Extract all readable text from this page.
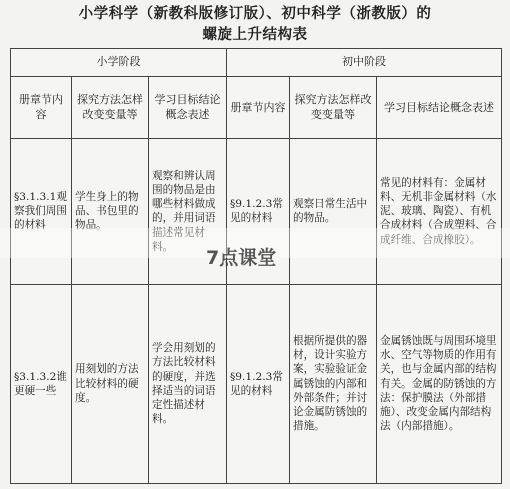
小学科学（新教科版修订版）、初中科学（浙教版）的
螺旋上升结构表
小学阶段			初中阶段		
册章节内容	探究方法怎样改变变量等	学习目标结论概念表述	册章节内容	探究方法怎样改变变量等	学习目标结论概念表述
§3.1.3.1观察我们周围的材料	学生身上的物品、书包里的物品。	观察和辨认周围的物品是由哪些材料做成的，并用词语描述常见材料。	§9.1.2.3常见的材料	观察日常生活中的物品。	常见的材料有：金属材料、无机非金属材料（水泥、玻璃、陶瓷）、有机合成材料（合成塑料、合成纤维、合成橡胶）。
§3.1.3.2谁更硬一些	用刻划的方法比较材料的硬度。	学会用刻划的方法比较材料的硬度，并选择适当的词语定性描述材料。	§9.1.2.3常见的材料	根据所提供的器材，设计实验方案，实验验证金属锈蚀的内部和外部条件；并讨论金属防锈蚀的措施。	金属锈蚀既与周围环境里水、空气等物质的作用有关，也与金属内部的结构有关。金属的防锈蚀的方法：保护膜法（外部措施）、改变金属内部结构法（内部措施）。
7点课堂
